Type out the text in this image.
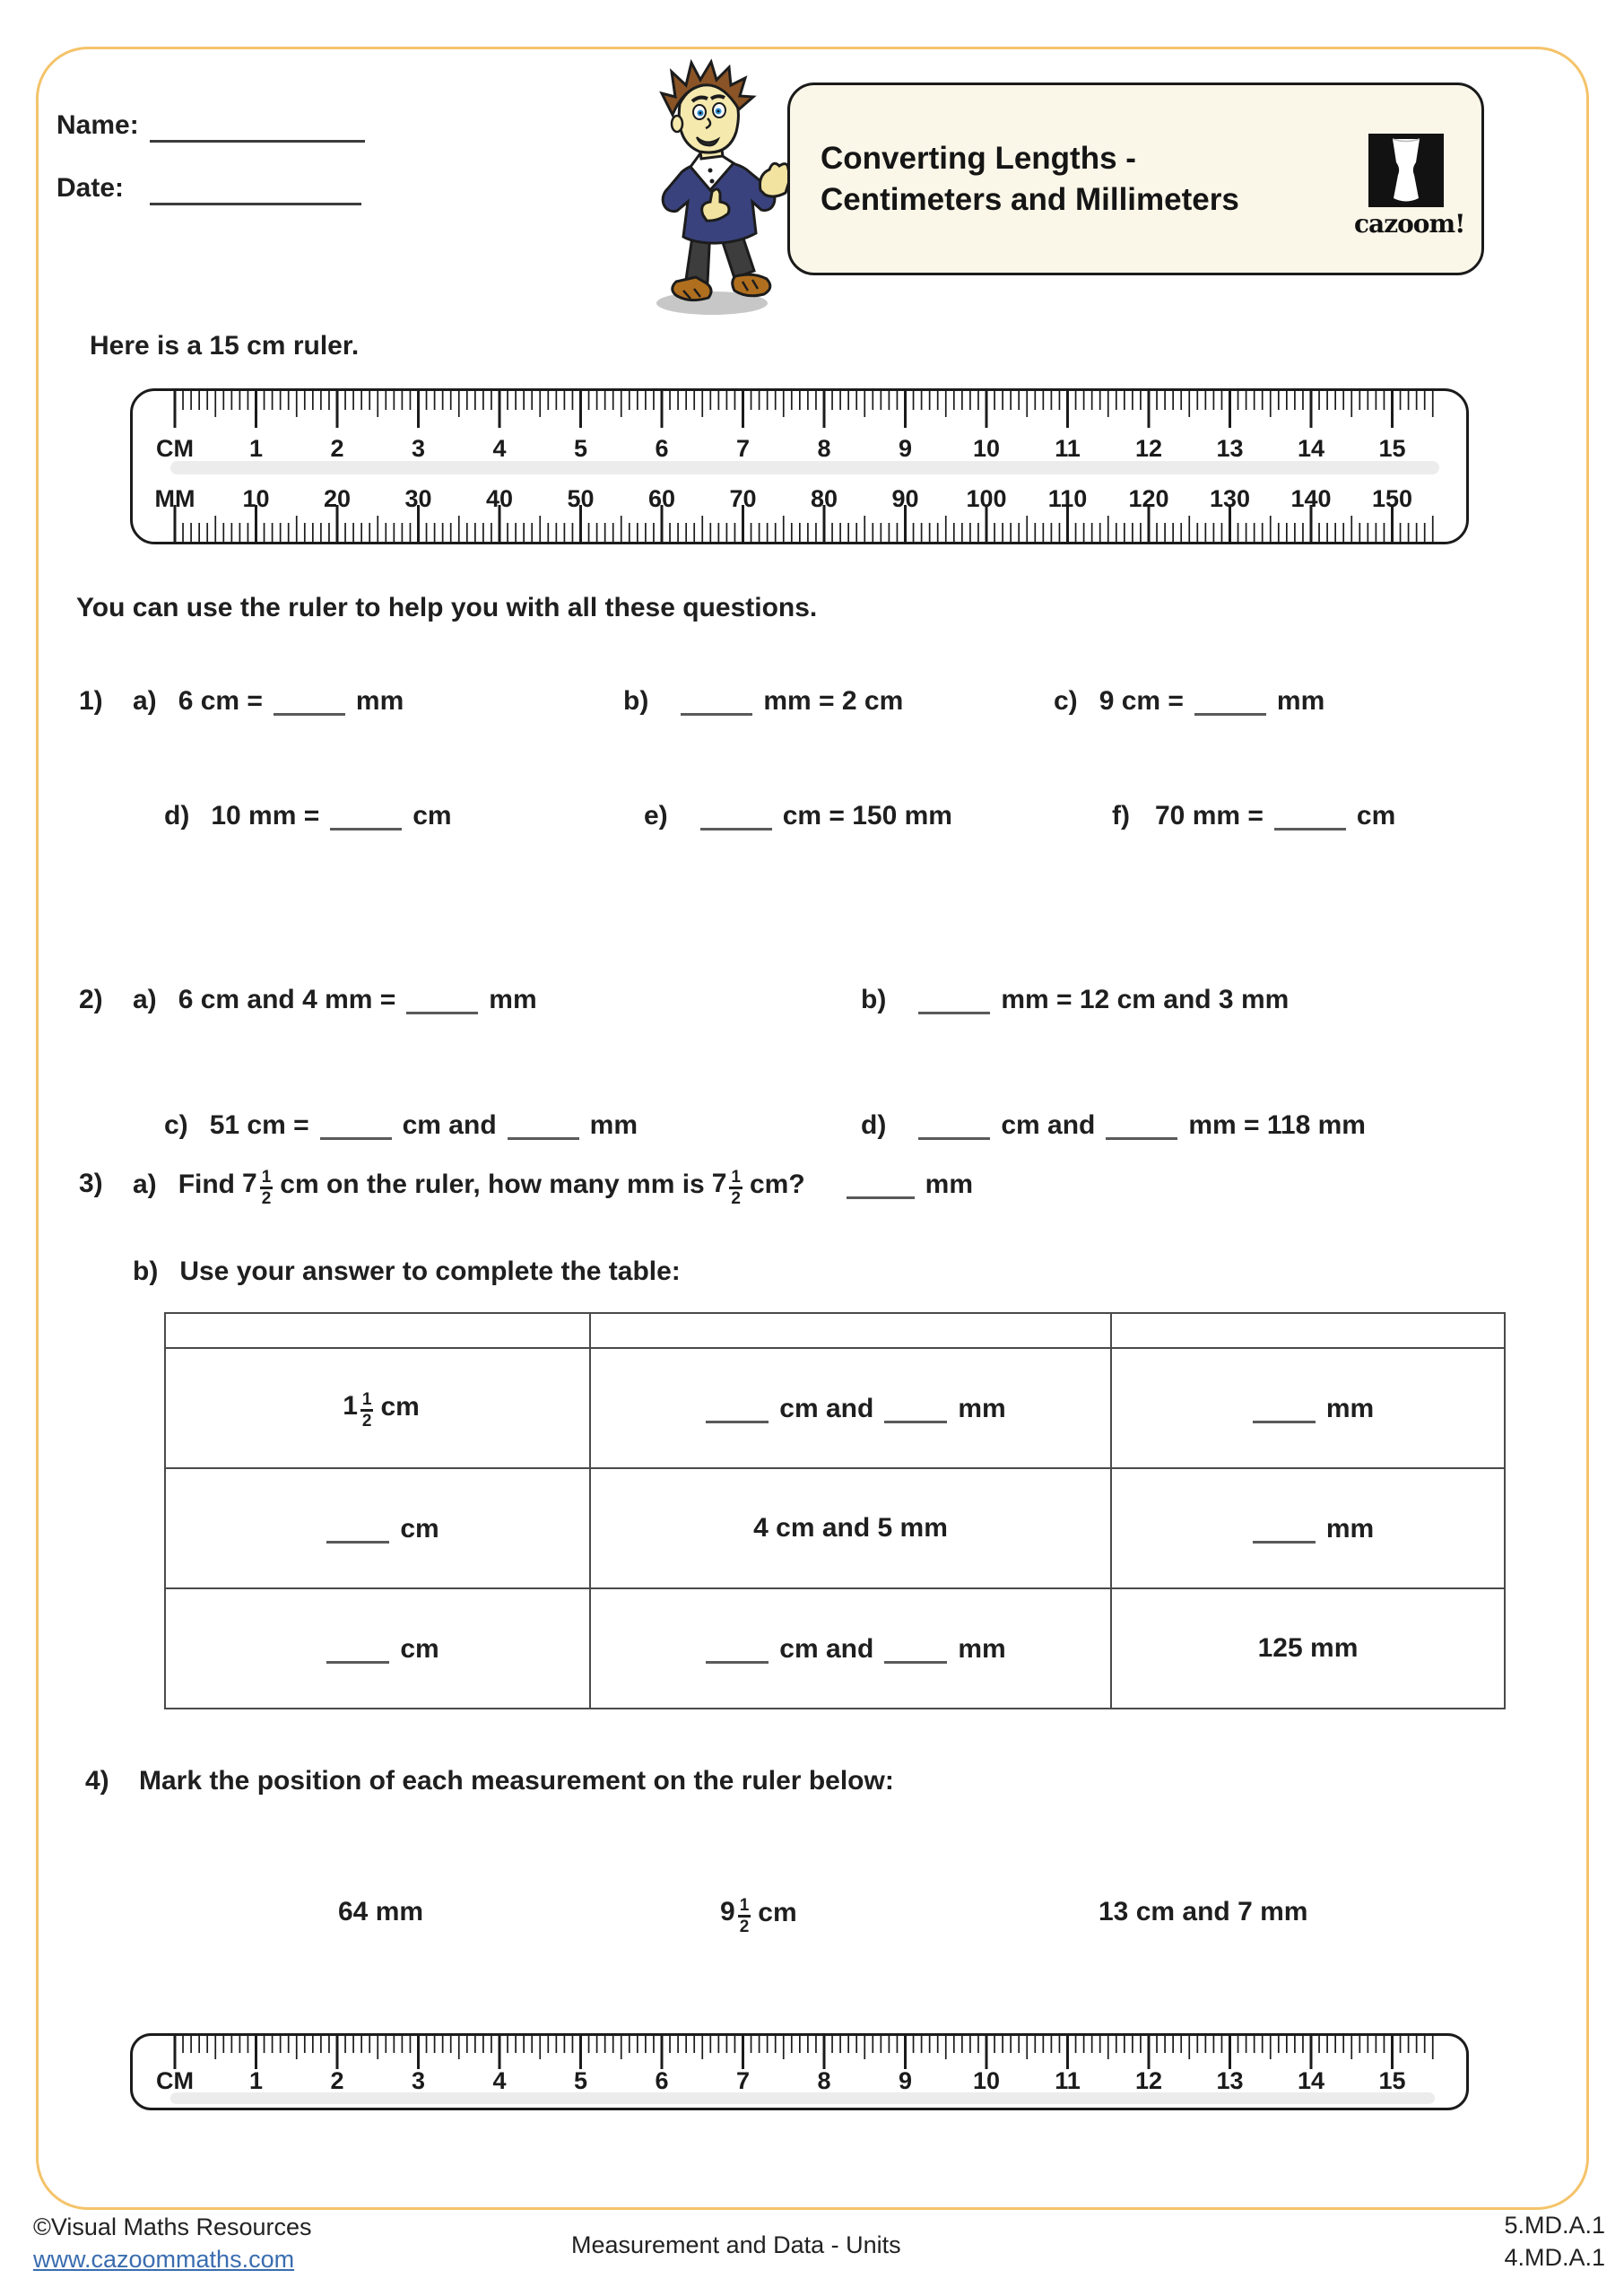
Name:
Date:
Converting Lengths -
Centimeters and Millimeters
cazoom!
Here is a 15 cm ruler.
CM 1	2	3	4	5	6	7	8	9	10 11 12 13 14 15
MM 10 20 30 40 50 60 70 80 90 100 110 120 130 140 150
You can use the ruler to help you with all these questions.
1) a) 6 cm =	mm	b)	mm = 2 cm	c) 9 cm =	mm
d) 10 mm =	cm	e)	cm = 150 mm	f) 70 mm =	cm
2) a) 6 cm and 4 mm =	mm	b)	mm = 12 cm and 3 mm
c) 51 cm =	cm and	mm	d)	cm and	mm = 118 mm
3) a) Find 7 1
2 cm on the ruler, how many mm is 7 1
2 cm?	mm
b) Use your answer to complete the table:

1 1
2 cm	cm and mm	mm
cm	4 cm and 5 mm	mm
cm	cm and mm	125 mm
4) Mark the position of each measurement on the ruler below:
64 mm	9 1
2 cm	13 cm and 7 mm
CM 1	2	3	4	5	6	7	8	9	10 11 12 13 14 15
©Visual Maths Resources
www.cazoommaths.com
Measurement and Data - Units
5.MD.A.1
4.MD.A.1
